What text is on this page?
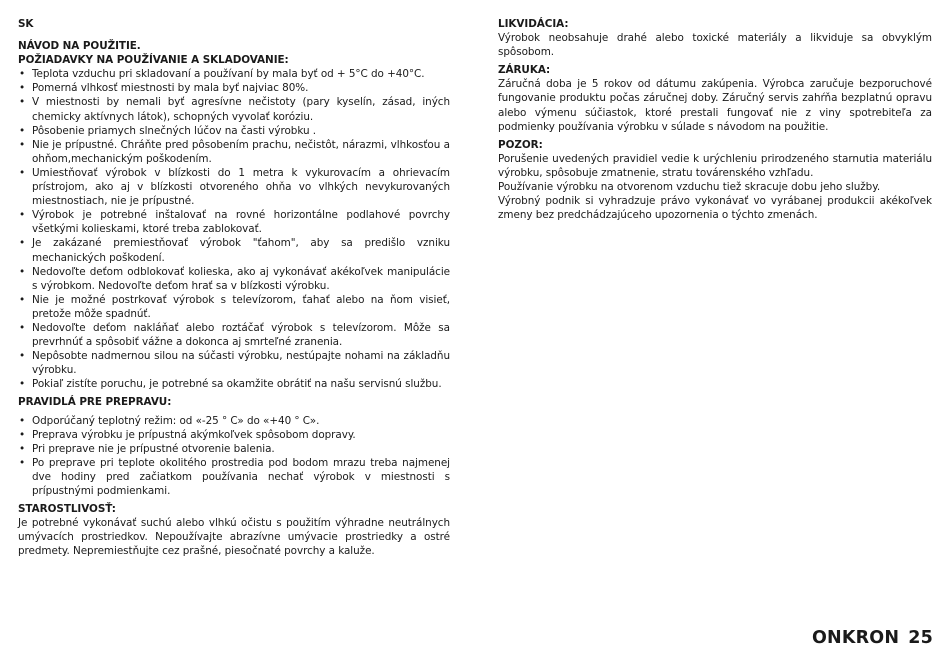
SK

NÁVOD NA POUŽITIE.

POŽIADAVKY NA POUŽÍVANIE A SKLADOVANIE:

• Teplota vzduchu pri skladovaní a používaní by mala byť od + 5°C do +40°C.
• Pomerná vlhkosť miestnosti by mala byť najviac 80%.
• V miestnosti by nemali byť agresívne nečistoty (pary kyselín, zásad, iných chemicky aktívnych látok), schopných vyvolať koróziu.
• Pôsobenie priamych slnečných lúčov na časti výrobku .
• Nie je prípustné. Chráňte pred pôsobením prachu, nečistôt, nárazmi, vlhkosťou a ohňom,mechanickým poškodením.
• Umiestňovať výrobok v blízkosti do 1 metra k vykurovacím a ohrievacím prístrojom, ako aj v blízkosti otvoreného ohňa vo vlhkých nevykurovaných miestnostiach, nie je prípustné.
• Výrobok je potrebné inštalovať na rovné horizontálne podlahové povrchy všetkými kolieskami, ktoré treba zablokovať.
• Je zakázané premiestňovať výrobok "ťahom", aby sa predišlo vzniku mechanických poškodení.
• Nedovoľte deťom odblokovať kolieska, ako aj vykonávať akékoľvek manipulácie s výrobkom. Nedovoľte deťom hrať sa v blízkosti výrobku.
• Nie je možné postrkovať výrobok s televízorom, ťahať alebo na ňom visieť, pretože môže spadnúť.
• Nedovoľte deťom nakláňať alebo roztáčať výrobok s televízorom. Môže sa prevrhnúť a spôsobiť vážne a dokonca aj smrteľné zranenia.
• Nepôsobte nadmernou silou na súčasti výrobku, nestúpajte nohami na základňu výrobku.
• Pokiaľ zistíte poruchu, je potrebné sa okamžite obrátiť na našu servisnú službu.

PRAVIDLÁ PRE PREPRAVU:

• Odporúčaný teplotný režim: od «-25 ° C» do «+40 ° C».
• Preprava výrobku je prípustná akýmkoľvek spôsobom dopravy.
• Pri preprave nie je prípustné otvorenie balenia.
• Po preprave pri teplote okolitého prostredia pod bodom mrazu treba najmenej dve hodiny pred začiatkom používania nechať výrobok v miestnosti s prípustnými podmienkami.

STAROSTLIVOSŤ:

Je potrebné vykonávať suchú alebo vlhkú očistu s použitím výhradne neutrálnych umývacích prostriedkov. Nepoužívajte abrazívne umývacie prostriedky a ostré predmety. Nepremiestňujte cez prašné, piesočnaté povrchy a kaluže.

LIKVIDÁCIA:

Výrobok neobsahuje drahé alebo toxické materiály a likviduje sa obvyklým spôsobom.

ZÁRUKA:

Záručná doba je 5 rokov od dátumu zakúpenia. Výrobca zaručuje bezporuchové fungovanie produktu počas záručnej doby. Záručný servis zahŕňa bezplatnú opravu alebo výmenu súčiastok, ktoré prestali fungovať nie z viny spotrebiteľa za podmienky používania výrobku v súlade s návodom na použitie.

POZOR:

Porušenie uvedených pravidiel vedie k urýchleniu prirodzeného starnutia materiálu výrobku, spôsobuje zmatnenie, stratu továrenského vzhľadu.

Používanie výrobku na otvorenom vzduchu tiež skracuje dobu jeho služby.

Výrobný podnik si vyhradzuje právo vykonávať vo vyrábanej produkcii akékoľvek zmeny bez predchádzajúceho upozornenia o týchto zmenách.

ONKRON 25
